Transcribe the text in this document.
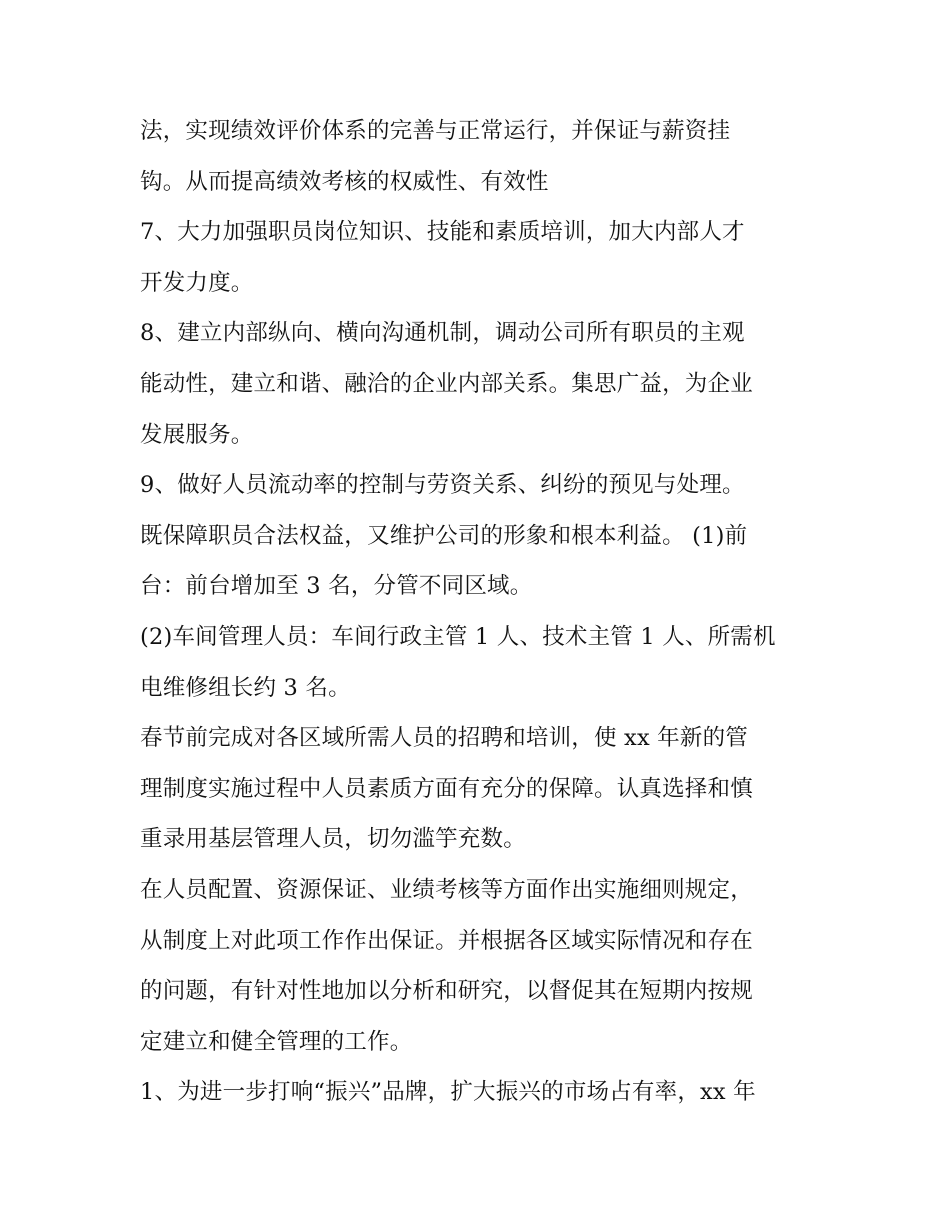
法，实现绩效评价体系的完善与正常运行，并保证与薪资挂

钩。从而提高绩效考核的权威性、有效性

7、大力加强职员岗位知识、技能和素质培训，加大内部人才

开发力度。

8、建立内部纵向、横向沟通机制，调动公司所有职员的主观

能动性，建立和谐、融洽的企业内部关系。集思广益，为企业

发展服务。

9、做好人员流动率的控制与劳资关系、纠纷的预见与处理。

既保障职员合法权益，又维护公司的形象和根本利益。 (1)前

台：前台增加至 3 名，分管不同区域。

(2)车间管理人员：车间行政主管 1 人、技术主管 1 人、所需机

电维修组长约 3 名。

春节前完成对各区域所需人员的招聘和培训，使 xx 年新的管

理制度实施过程中人员素质方面有充分的保障。认真选择和慎

重录用基层管理人员，切勿滥竽充数。

在人员配置、资源保证、业绩考核等方面作出实施细则规定，

从制度上对此项工作作出保证。并根据各区域实际情况和存在

的问题，有针对性地加以分析和研究，以督促其在短期内按规

定建立和健全管理的工作。

1、为进一步打响“振兴”品牌，扩大振兴的市场占有率，xx 年
